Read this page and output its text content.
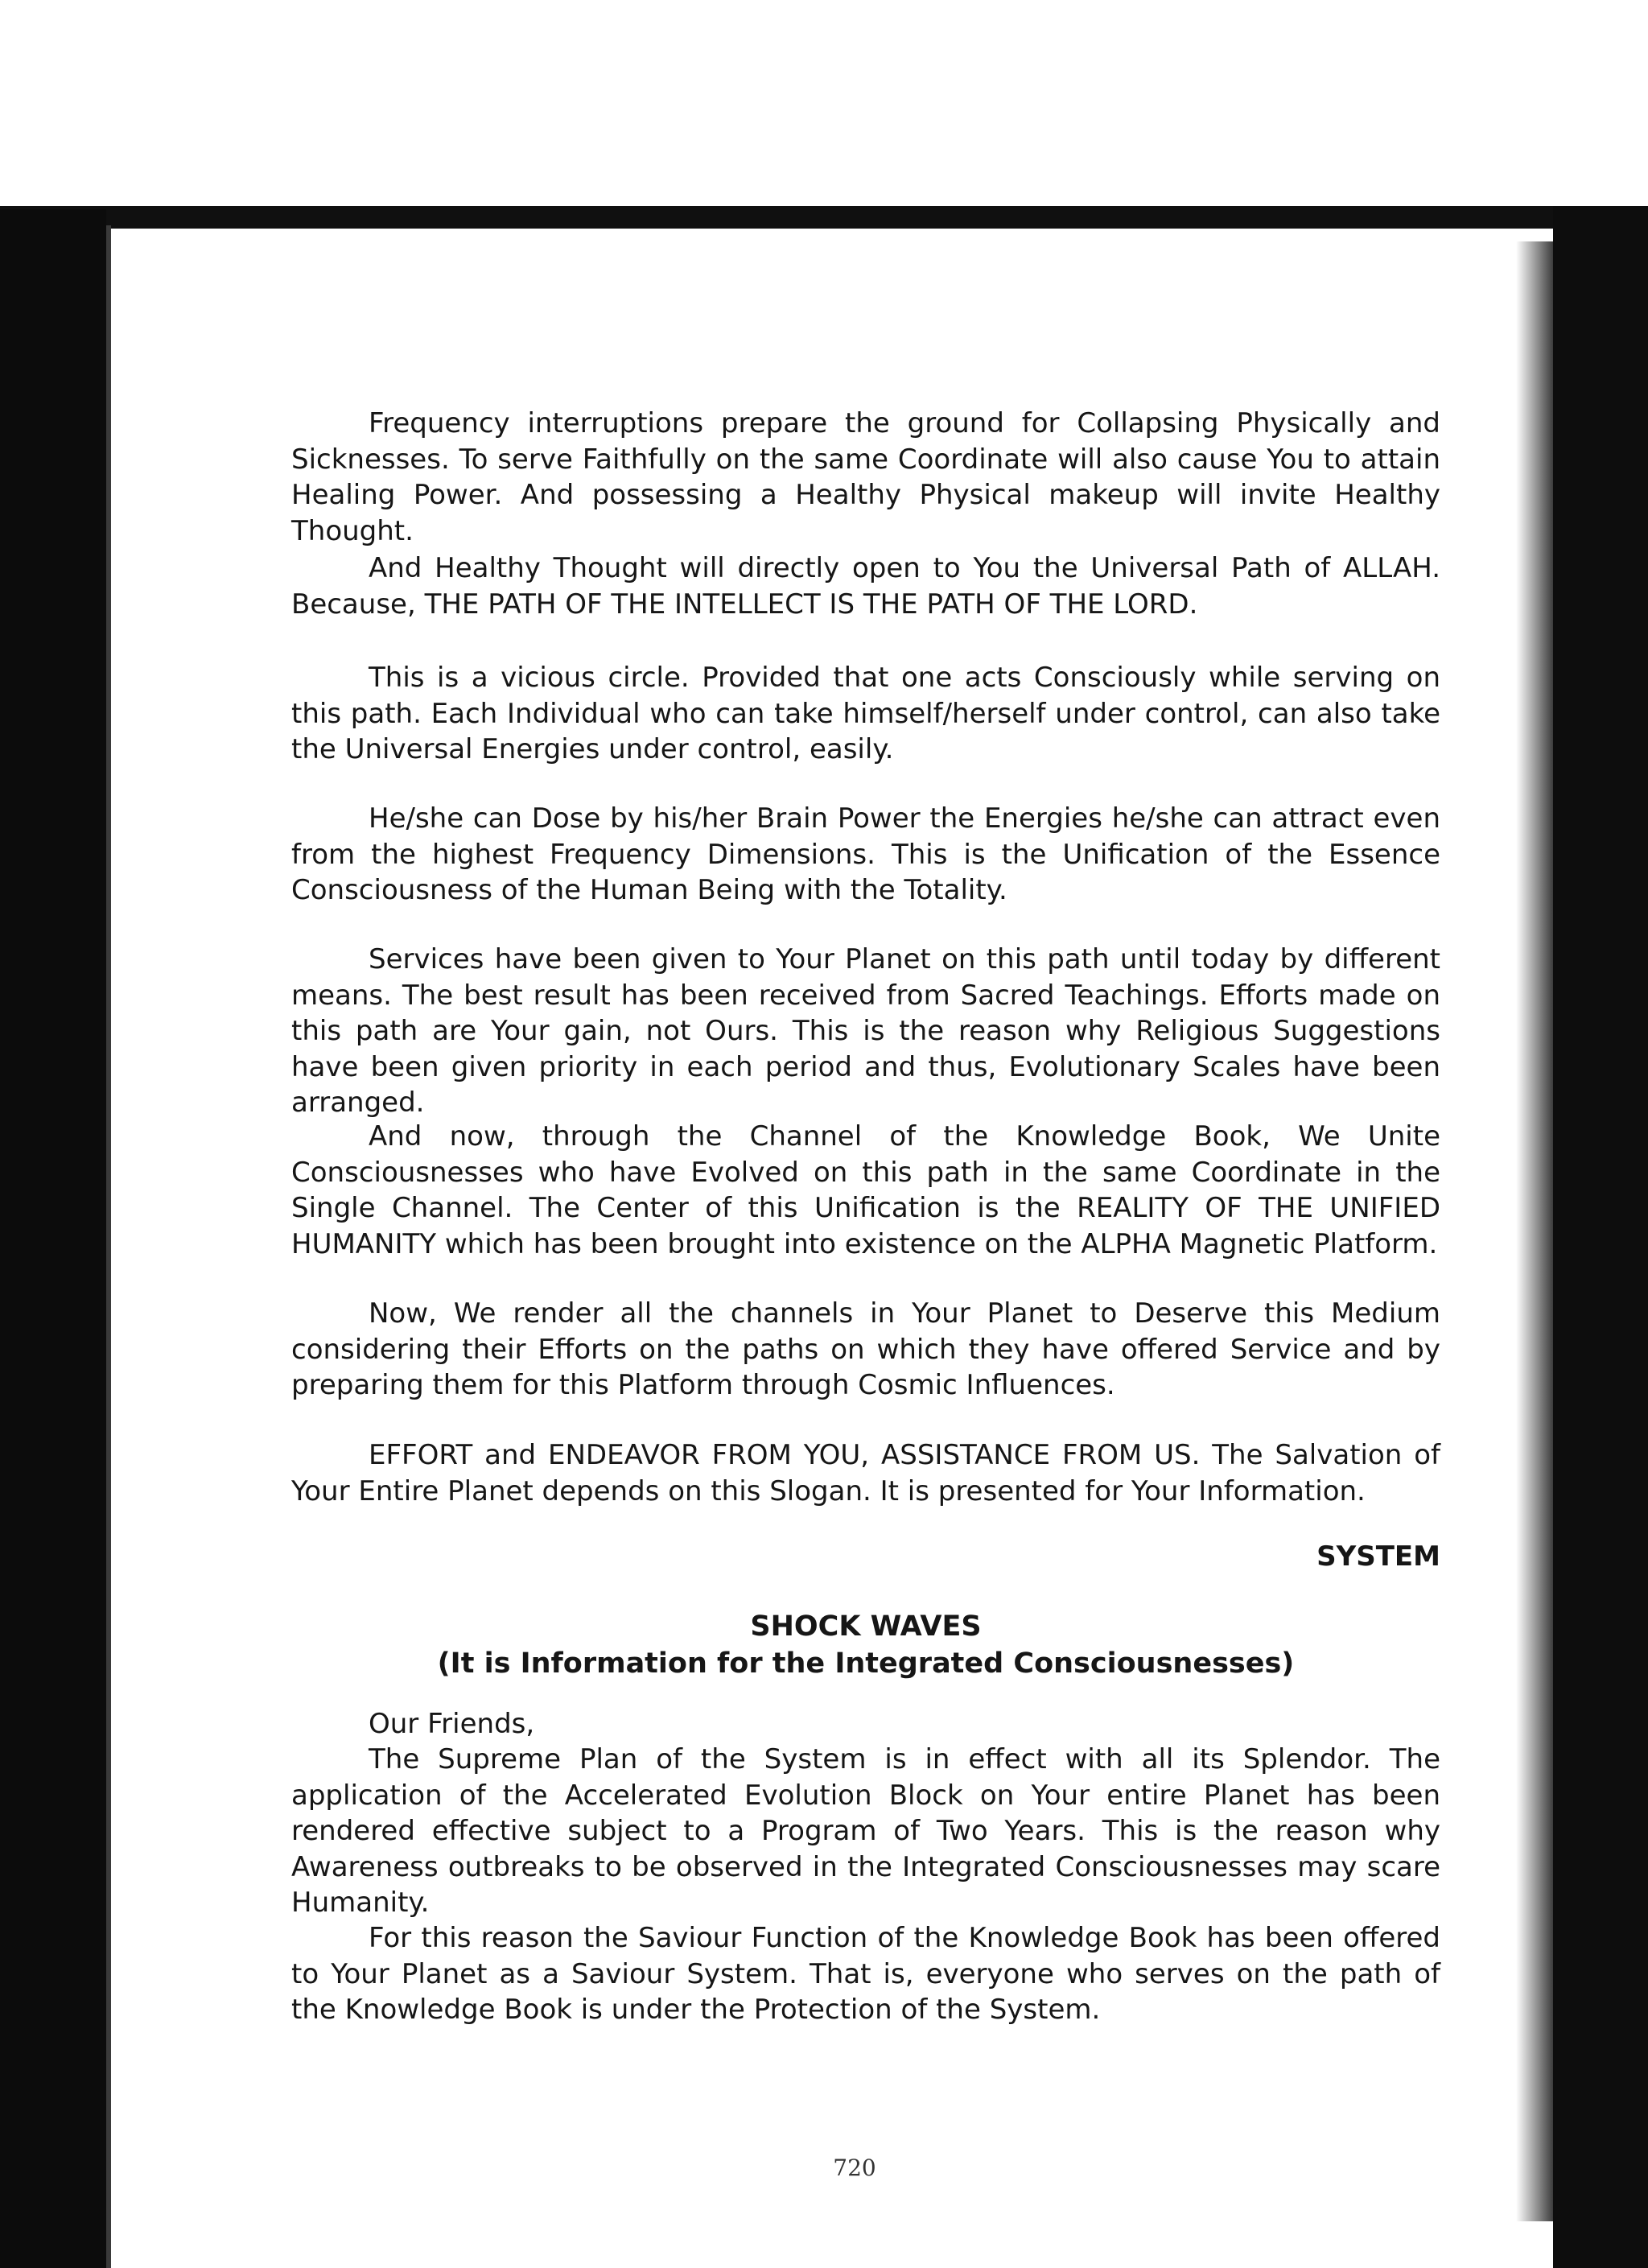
Frequency interruptions prepare the ground for Collapsing Physically and Sicknesses. To serve Faithfully on the same Coordinate will also cause You to attain Healing Power. And possessing a Healthy Physical makeup will invite Healthy Thought.

And Healthy Thought will directly open to You the Universal Path of ALLAH. Because, THE PATH OF THE INTELLECT IS THE PATH OF THE LORD.

This is a vicious circle. Provided that one acts Consciously while serving on this path. Each Individual who can take himself/herself under control, can also take the Universal Energies under control, easily.

He/she can Dose by his/her Brain Power the Energies he/she can attract even from the highest Frequency Dimensions. This is the Unification of the Essence Consciousness of the Human Being with the Totality.

Services have been given to Your Planet on this path until today by different means. The best result has been received from Sacred Teachings. Efforts made on this path are Your gain, not Ours. This is the reason why Religious Suggestions have been given priority in each period and thus, Evolutionary Scales have been arranged.

And now, through the Channel of the Knowledge Book, We Unite Consciousnesses who have Evolved on this path in the same Coordinate in the Single Channel. The Center of this Unification is the REALITY OF THE UNIFIED HUMANITY which has been brought into existence on the ALPHA Magnetic Platform.

Now, We render all the channels in Your Planet to Deserve this Medium considering their Efforts on the paths on which they have offered Service and by preparing them for this Platform through Cosmic Influences.

EFFORT and ENDEAVOR FROM YOU, ASSISTANCE FROM US. The Salvation of Your Entire Planet depends on this Slogan. It is presented for Your Information.

SYSTEM
SHOCK WAVES
(It is Information for the Integrated Consciousnesses)
Our Friends,

The Supreme Plan of the System is in effect with all its Splendor. The application of the Accelerated Evolution Block on Your entire Planet has been rendered effective subject to a Program of Two Years. This is the reason why Awareness outbreaks to be observed in the Integrated Consciousnesses may scare Humanity.

For this reason the Saviour Function of the Knowledge Book has been offered to Your Planet as a Saviour System. That is, everyone who serves on the path of the Knowledge Book is under the Protection of the System.

720
